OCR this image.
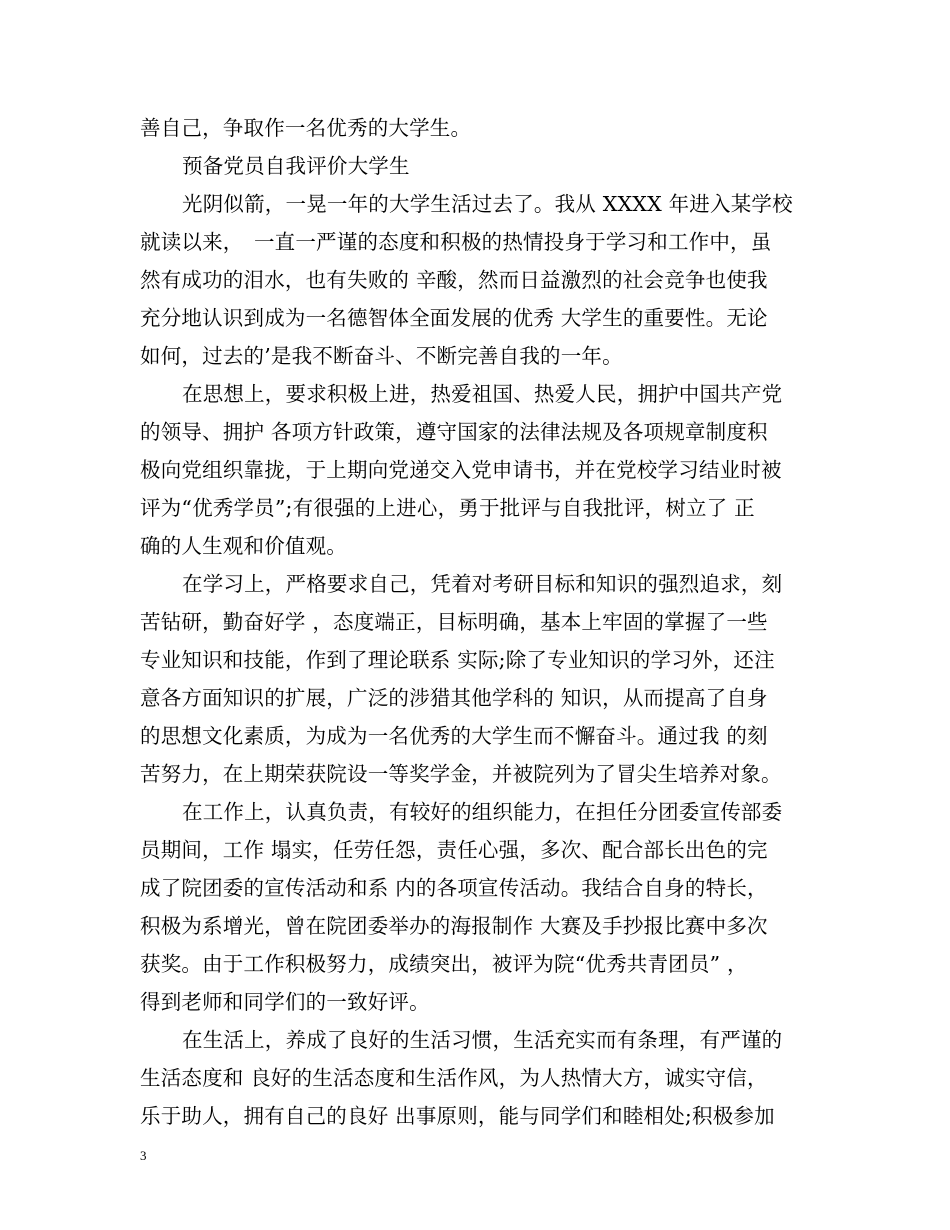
善自己，争取作一名优秀的大学生。
预备党员自我评价大学生
光阴似箭，一晃一年的大学生活过去了。我从 XXXX 年进入某学校
就读以来，　一直一严谨的态度和积极的热情投身于学习和工作中，虽
然有成功的泪水，也有失败的 辛酸，然而日益激烈的社会竞争也使我
充分地认识到成为一名德智体全面发展的优秀 大学生的重要性。无论
如何，过去的’是我不断奋斗、不断完善自我的一年。
在思想上，要求积极上进，热爱祖国、热爱人民，拥护中国共产党
的领导、拥护 各项方针政策，遵守国家的法律法规及各项规章制度积
极向党组织靠拢，于上期向党递交入党申请书，并在党校学习结业时被
评为“优秀学员”;有很强的上进心，勇于批评与自我批评，树立了 正
确的人生观和价值观。
在学习上，严格要求自己，凭着对考研目标和知识的强烈追求，刻
苦钻研，勤奋好学 ，态度端正，目标明确，基本上牢固的掌握了一些
专业知识和技能，作到了理论联系 实际;除了专业知识的学习外，还注
意各方面知识的扩展，广泛的涉猎其他学科的 知识，从而提高了自身
的思想文化素质，为成为一名优秀的大学生而不懈奋斗。通过我 的刻
苦努力，在上期荣获院设一等奖学金，并被院列为了冒尖生培养对象。
在工作上，认真负责，有较好的组织能力，在担任分团委宣传部委
员期间，工作 塌实，任劳任怨，责任心强，多次、配合部长出色的完
成了院团委的宣传活动和系 内的各项宣传活动。我结合自身的特长，
积极为系增光，曾在院团委举办的海报制作 大赛及手抄报比赛中多次
获奖。由于工作积极努力，成绩突出，被评为院“优秀共青团员” ，
得到老师和同学们的一致好评。
在生活上，养成了良好的生活习惯，生活充实而有条理，有严谨的
生活态度和 良好的生活态度和生活作风，为人热情大方，诚实守信，
乐于助人，拥有自己的良好 出事原则，能与同学们和睦相处;积极参加
3
